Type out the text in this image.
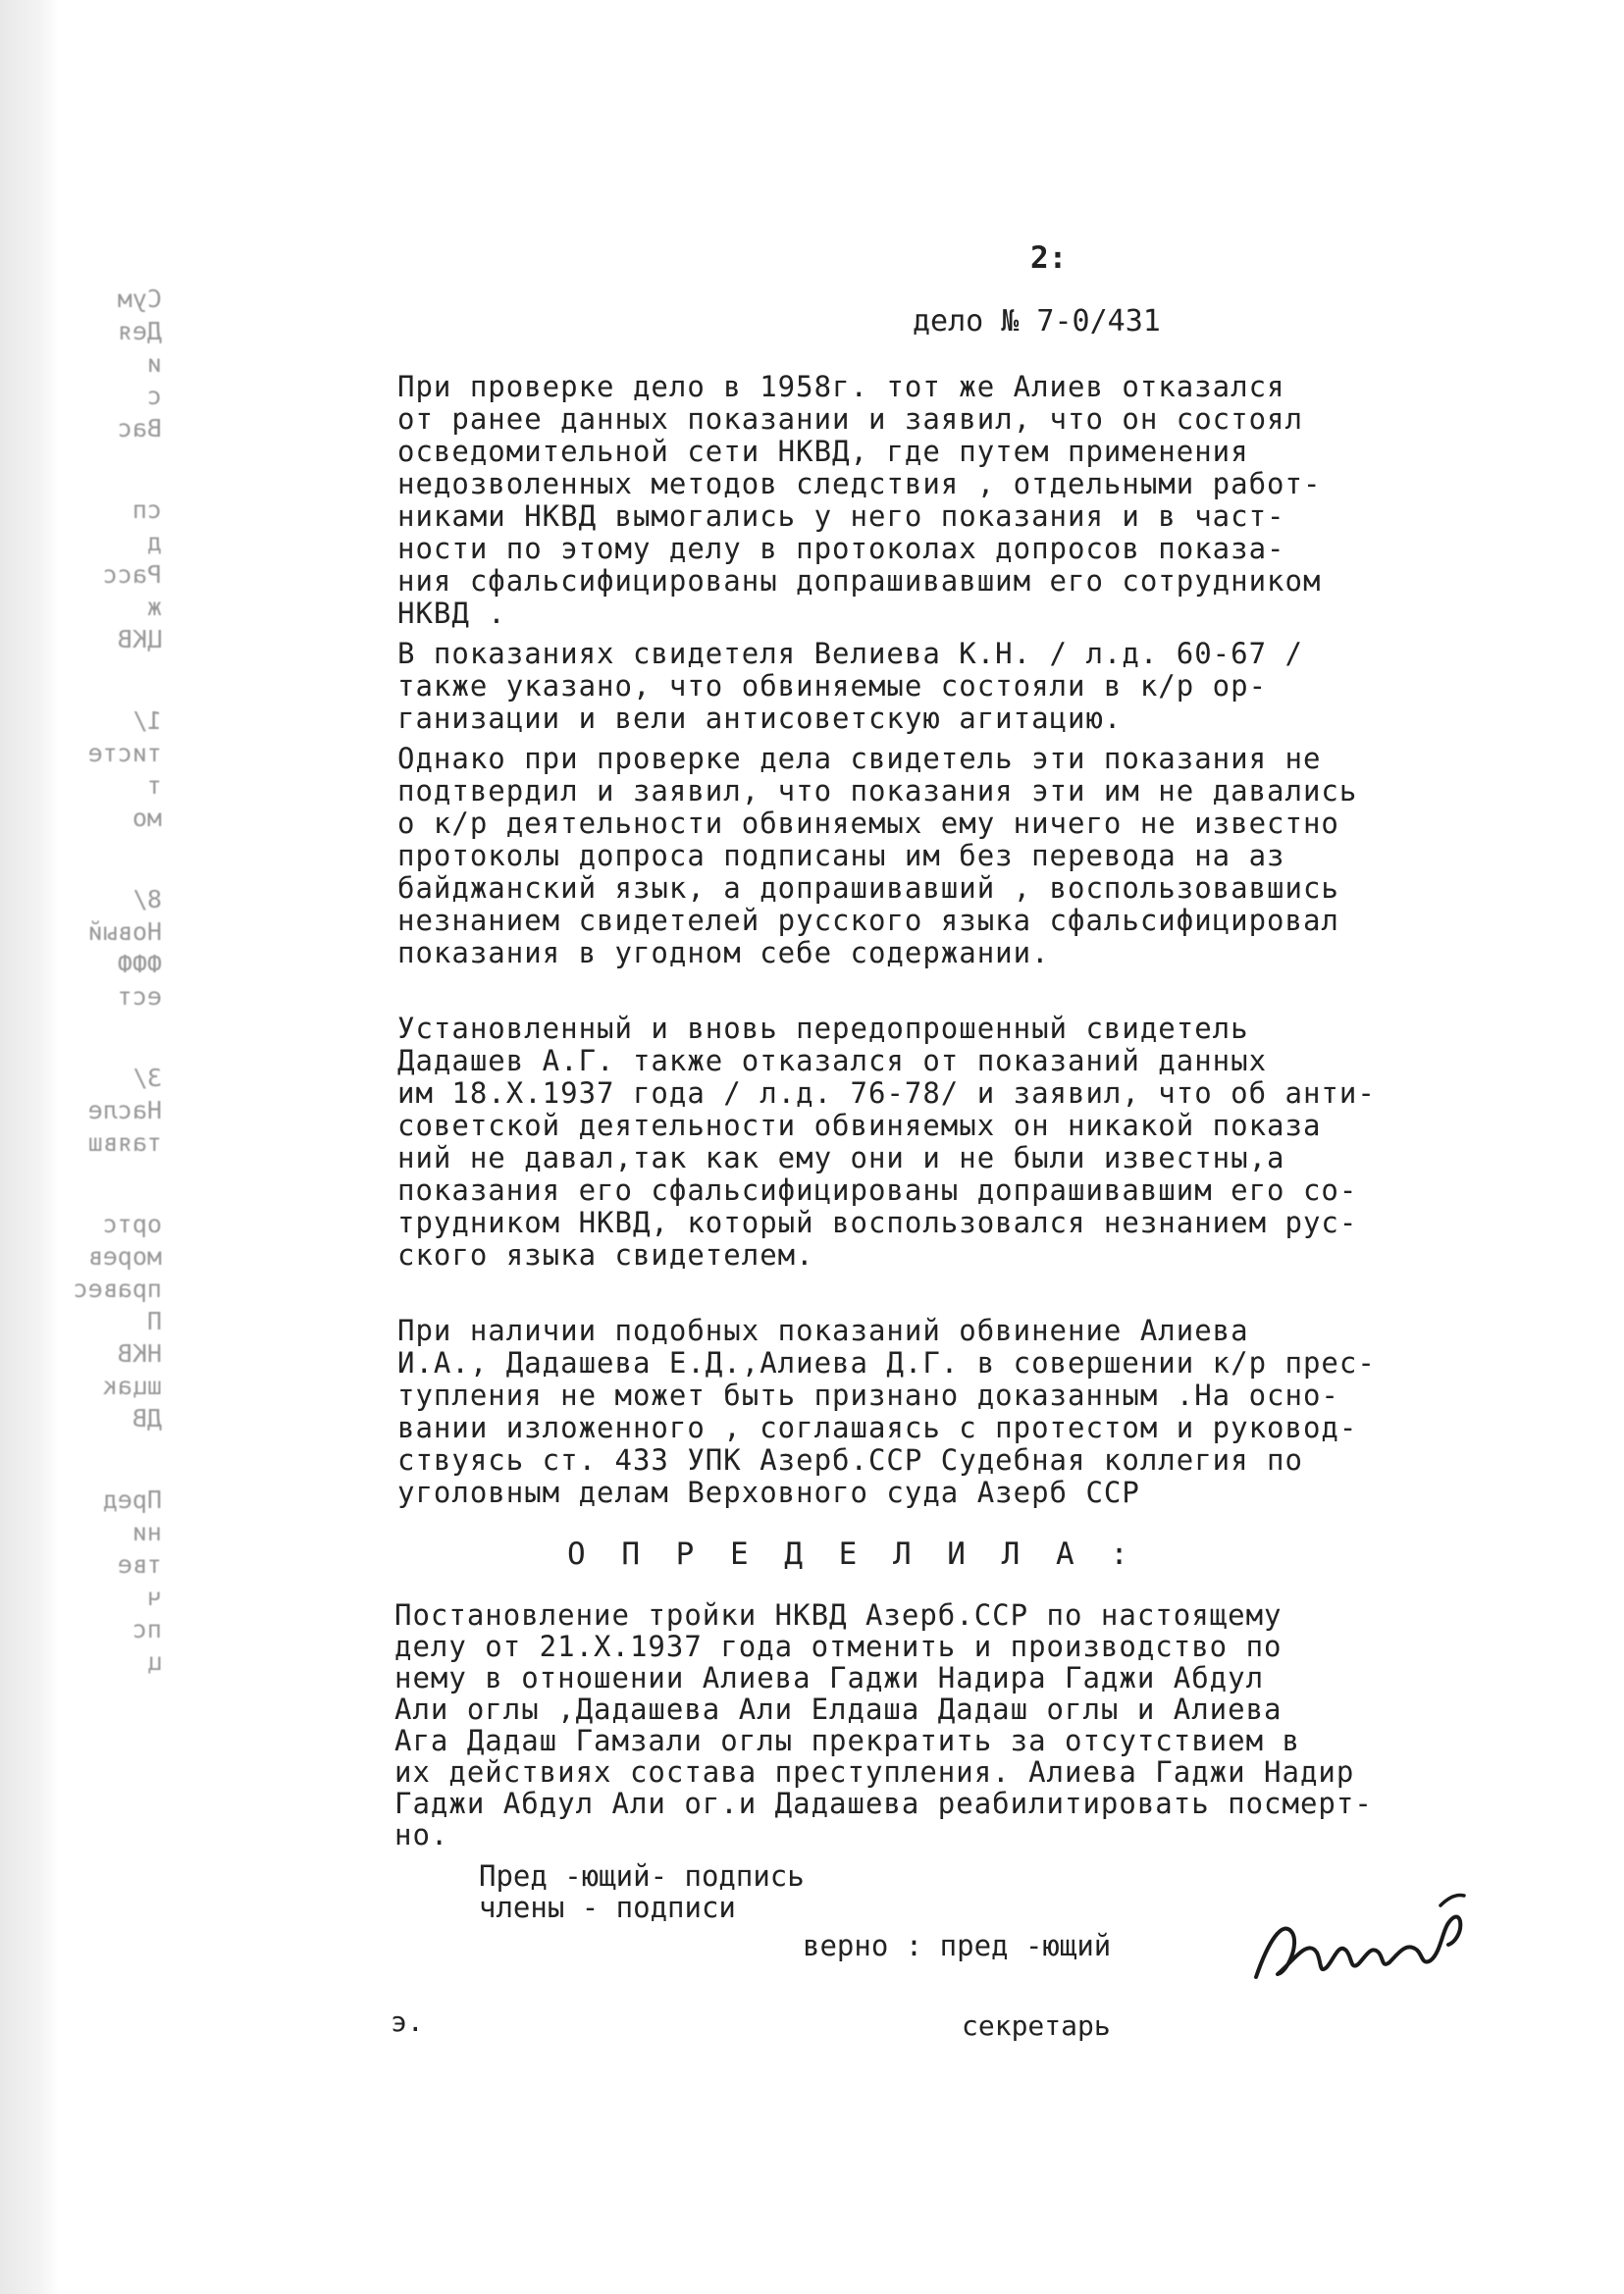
Сум
Дея
и
с
Вас
сп
д
Расс
ж
ЦКВ
1/
тисте
т
мо
8/
Новый
ФФФ
ест
3/
Насле
таявш
ортс
морев
правес
П
НКВ
шцак
ДВ
Пред
ни
тве
ч
пс
ц
2:
дело № 7-0/431

При проверке дело в 1958г. тот же Алиев отказался
от ранее данных показании и заявил, что он состоял
осведомительной сети НКВД, где путем применения
недозволенных методов следствия , отдельными работ-
никами НКВД вымогались у него показания и в част-
ности по этому делу в протоколах допросов показа-
ния сфальсифицированы допрашивавшим его сотрудником
НКВД .

В показаниях свидетеля Велиева К.Н. / л.д. 60-67 /
также указано, что обвиняемые состояли в к/р ор-
ганизации и вели антисоветскую агитацию.

Однако при проверке дела свидетель эти показания не
подтвердил и заявил, что показания эти им не давались
о к/р деятельности обвиняемых ему ничего не известно
протоколы допроса подписаны им без перевода на аз
байджанский язык, а допрашивавший , воспользовавшись
незнанием свидетелей русского языка сфальсифицировал
показания в угодном себе содержании.

Установленный и вновь передопрошенный свидетель
Дадашев А.Г. также отказался от показаний данных
им 18.Х.1937 года / л.д. 76-78/ и заявил, что об анти-
советской деятельности обвиняемых он никакой показа
ний не давал,так как ему они и не были известны,а
показания его сфальсифицированы допрашивавшим его со-
трудником НКВД, который воспользовался незнанием рус-
ского языка свидетелем.

При наличии подобных показаний обвинение Алиева
И.А., Дадашева Е.Д.,Алиева Д.Г. в совершении к/р прес-
тупления не может быть признано доказанным .На осно-
вании изложенного , соглашаясь с протестом и руковод-
ствуясь ст. 433 УПК Азерб.ССР Судебная коллегия по
уголовным делам Верховного суда Азерб ССР

О П Р Е Д Е Л И Л А :
Постановление тройки НКВД Азерб.ССР по настоящему
делу от 21.Х.1937 года отменить и производство по
нему в отношении Алиева Гаджи Надира Гаджи Абдул
Али оглы ,Дадашева Али Елдаша Дадаш оглы и Алиева
Ага Дадаш Гамзали оглы прекратить за отсутствием в
их действиях состава преступления. Алиева Гаджи Надир
Гаджи Абдул Али ог.и Дадашева реабилитировать посмерт-
но.
Пред -ющий- подпись
члены - подписи
верно : пред -ющий
э.	секретарь
